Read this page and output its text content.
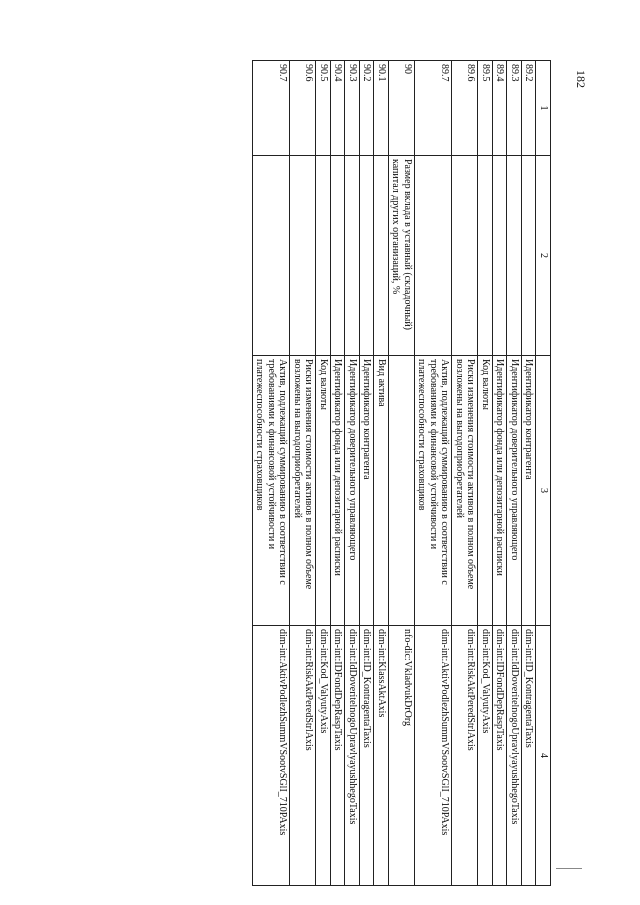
182
1	2	3	4
89.2		Идентификатор контрагента	dim-int:ID_KontragentaTaxis
89.3		Идентификатор доверительного управляющего	dim-int:IdDoveritelnogoUpravlyayushhegoTaxis
89.4		Идентификатор фонда или депозитарной расписки	dim-int:IDFondDepRaspTaxis
89.5		Код валюты	dim-int:Kod_ValyutyAxis
89.6		Риски изменения стоимости активов в полном объеме возложены на выгодоприобретателей	dim-int:RiskAktPeredStrlAxis
89.7		Актив, подлежащий суммированию в соответствии с требованиями к финансовой устойчивости и платежеспособности страховщиков	dim-int:AktivPodlezhSummVSootvSGlI_710PAxis
90	Размер вклада в уставный (складочный) капитал других организаций, %		nfo-dic:VkladvukDrOrg
90.1		Вид актива	dim-int:KlassAktAxis
90.2		Идентификатор контрагента	dim-int:ID_KontragentaTaxis
90.3		Идентификатор доверительного управляющего	dim-int:IdDoveritelnogoUpravlyayushhegoTaxis
90.4		Идентификатор фонда или депозитарной расписки	dim-int:IDFondDepRaspTaxis
90.5		Код валюты	dim-int:Kod_ValyutyAxis
90.6		Риски изменения стоимости активов в полном объеме возложены на выгодоприобретателей	dim-int:RiskAktPeredStrlAxis
90.7		Актив, подлежащий суммированию в соответствии с требованиями к финансовой устойчивости и платежеспособности страховщиков	dim-int:AktivPodlezhSummVSootvSGlI_710PAxis
